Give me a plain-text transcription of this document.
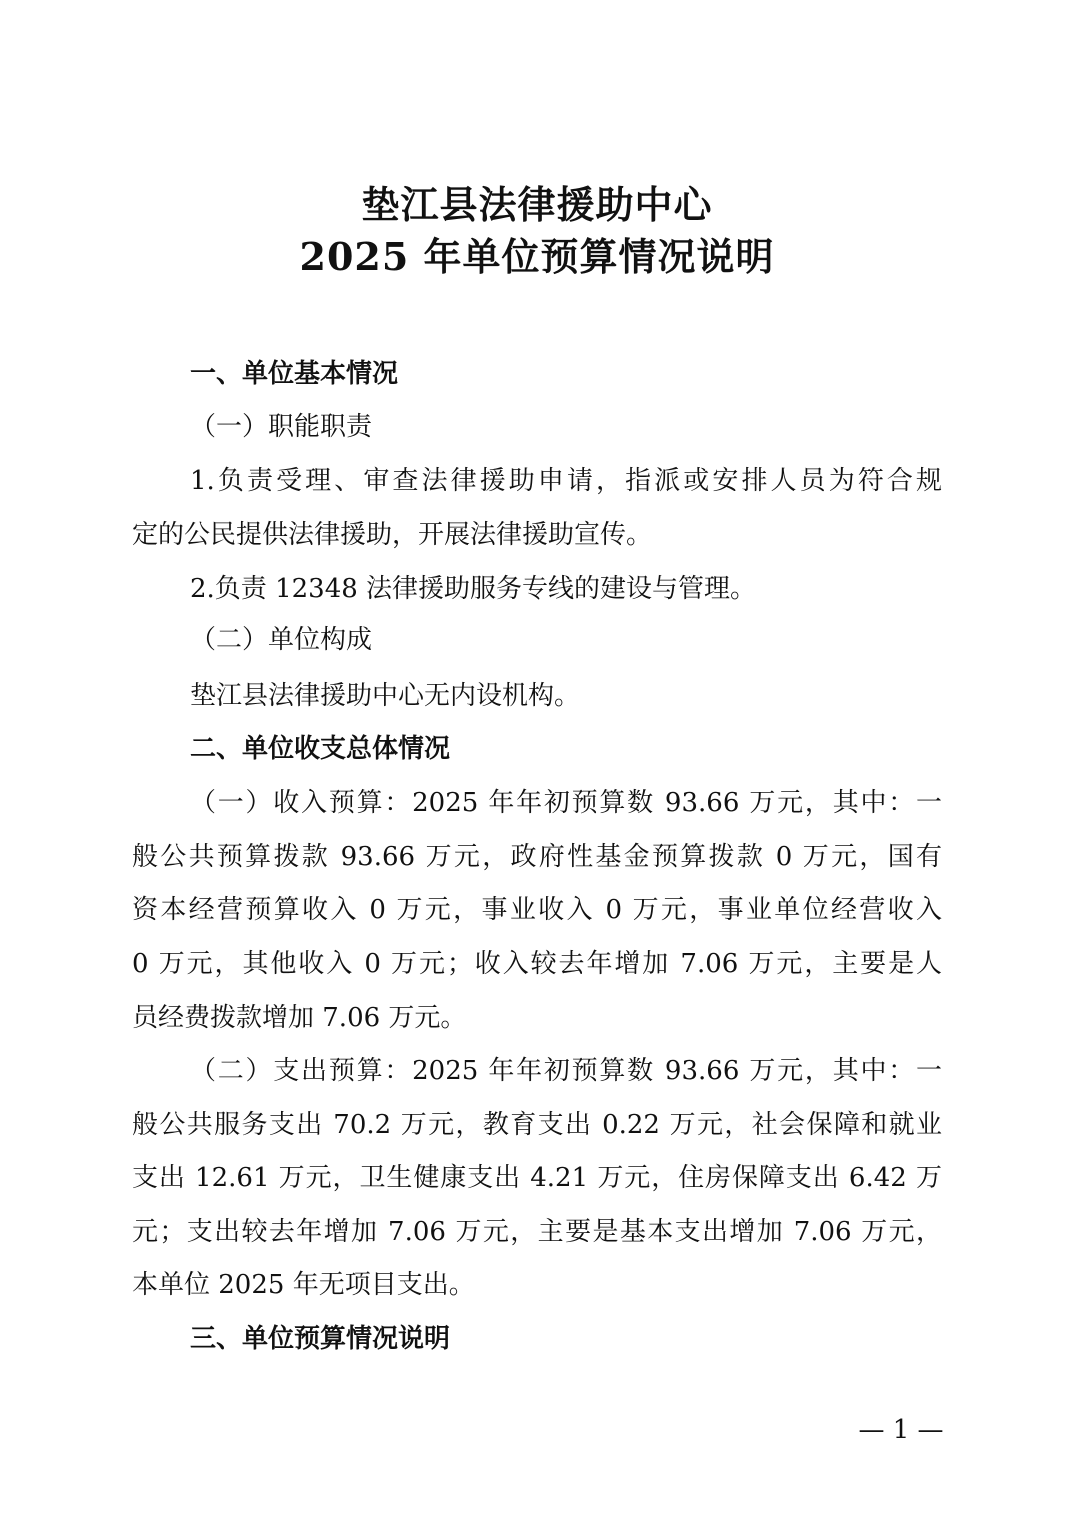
垫江县法律援助中心
2025 年单位预算情况说明
一、单位基本情况
（一）职能职责
1.负责受理、审查法律援助申请，指派或安排人员为符合规
定的公民提供法律援助，开展法律援助宣传。
2.负责 12348 法律援助服务专线的建设与管理。
（二）单位构成
垫江县法律援助中心无内设机构。
二、单位收支总体情况
（一）收入预算：2025 年年初预算数 93.66 万元，其中：一
般公共预算拨款 93.66 万元，政府性基金预算拨款 0 万元，国有
资本经营预算收入 0 万元，事业收入 0 万元，事业单位经营收入
0 万元，其他收入 0 万元；收入较去年增加 7.06 万元，主要是人
员经费拨款增加 7.06 万元。
（二）支出预算：2025 年年初预算数 93.66 万元，其中：一
般公共服务支出 70.2 万元，教育支出 0.22 万元，社会保障和就业
支出 12.61 万元，卫生健康支出 4.21 万元，住房保障支出 6.42 万
元；支出较去年增加 7.06 万元，主要是基本支出增加 7.06 万元，
本单位 2025 年无项目支出。
三、单位预算情况说明
— 1 —
